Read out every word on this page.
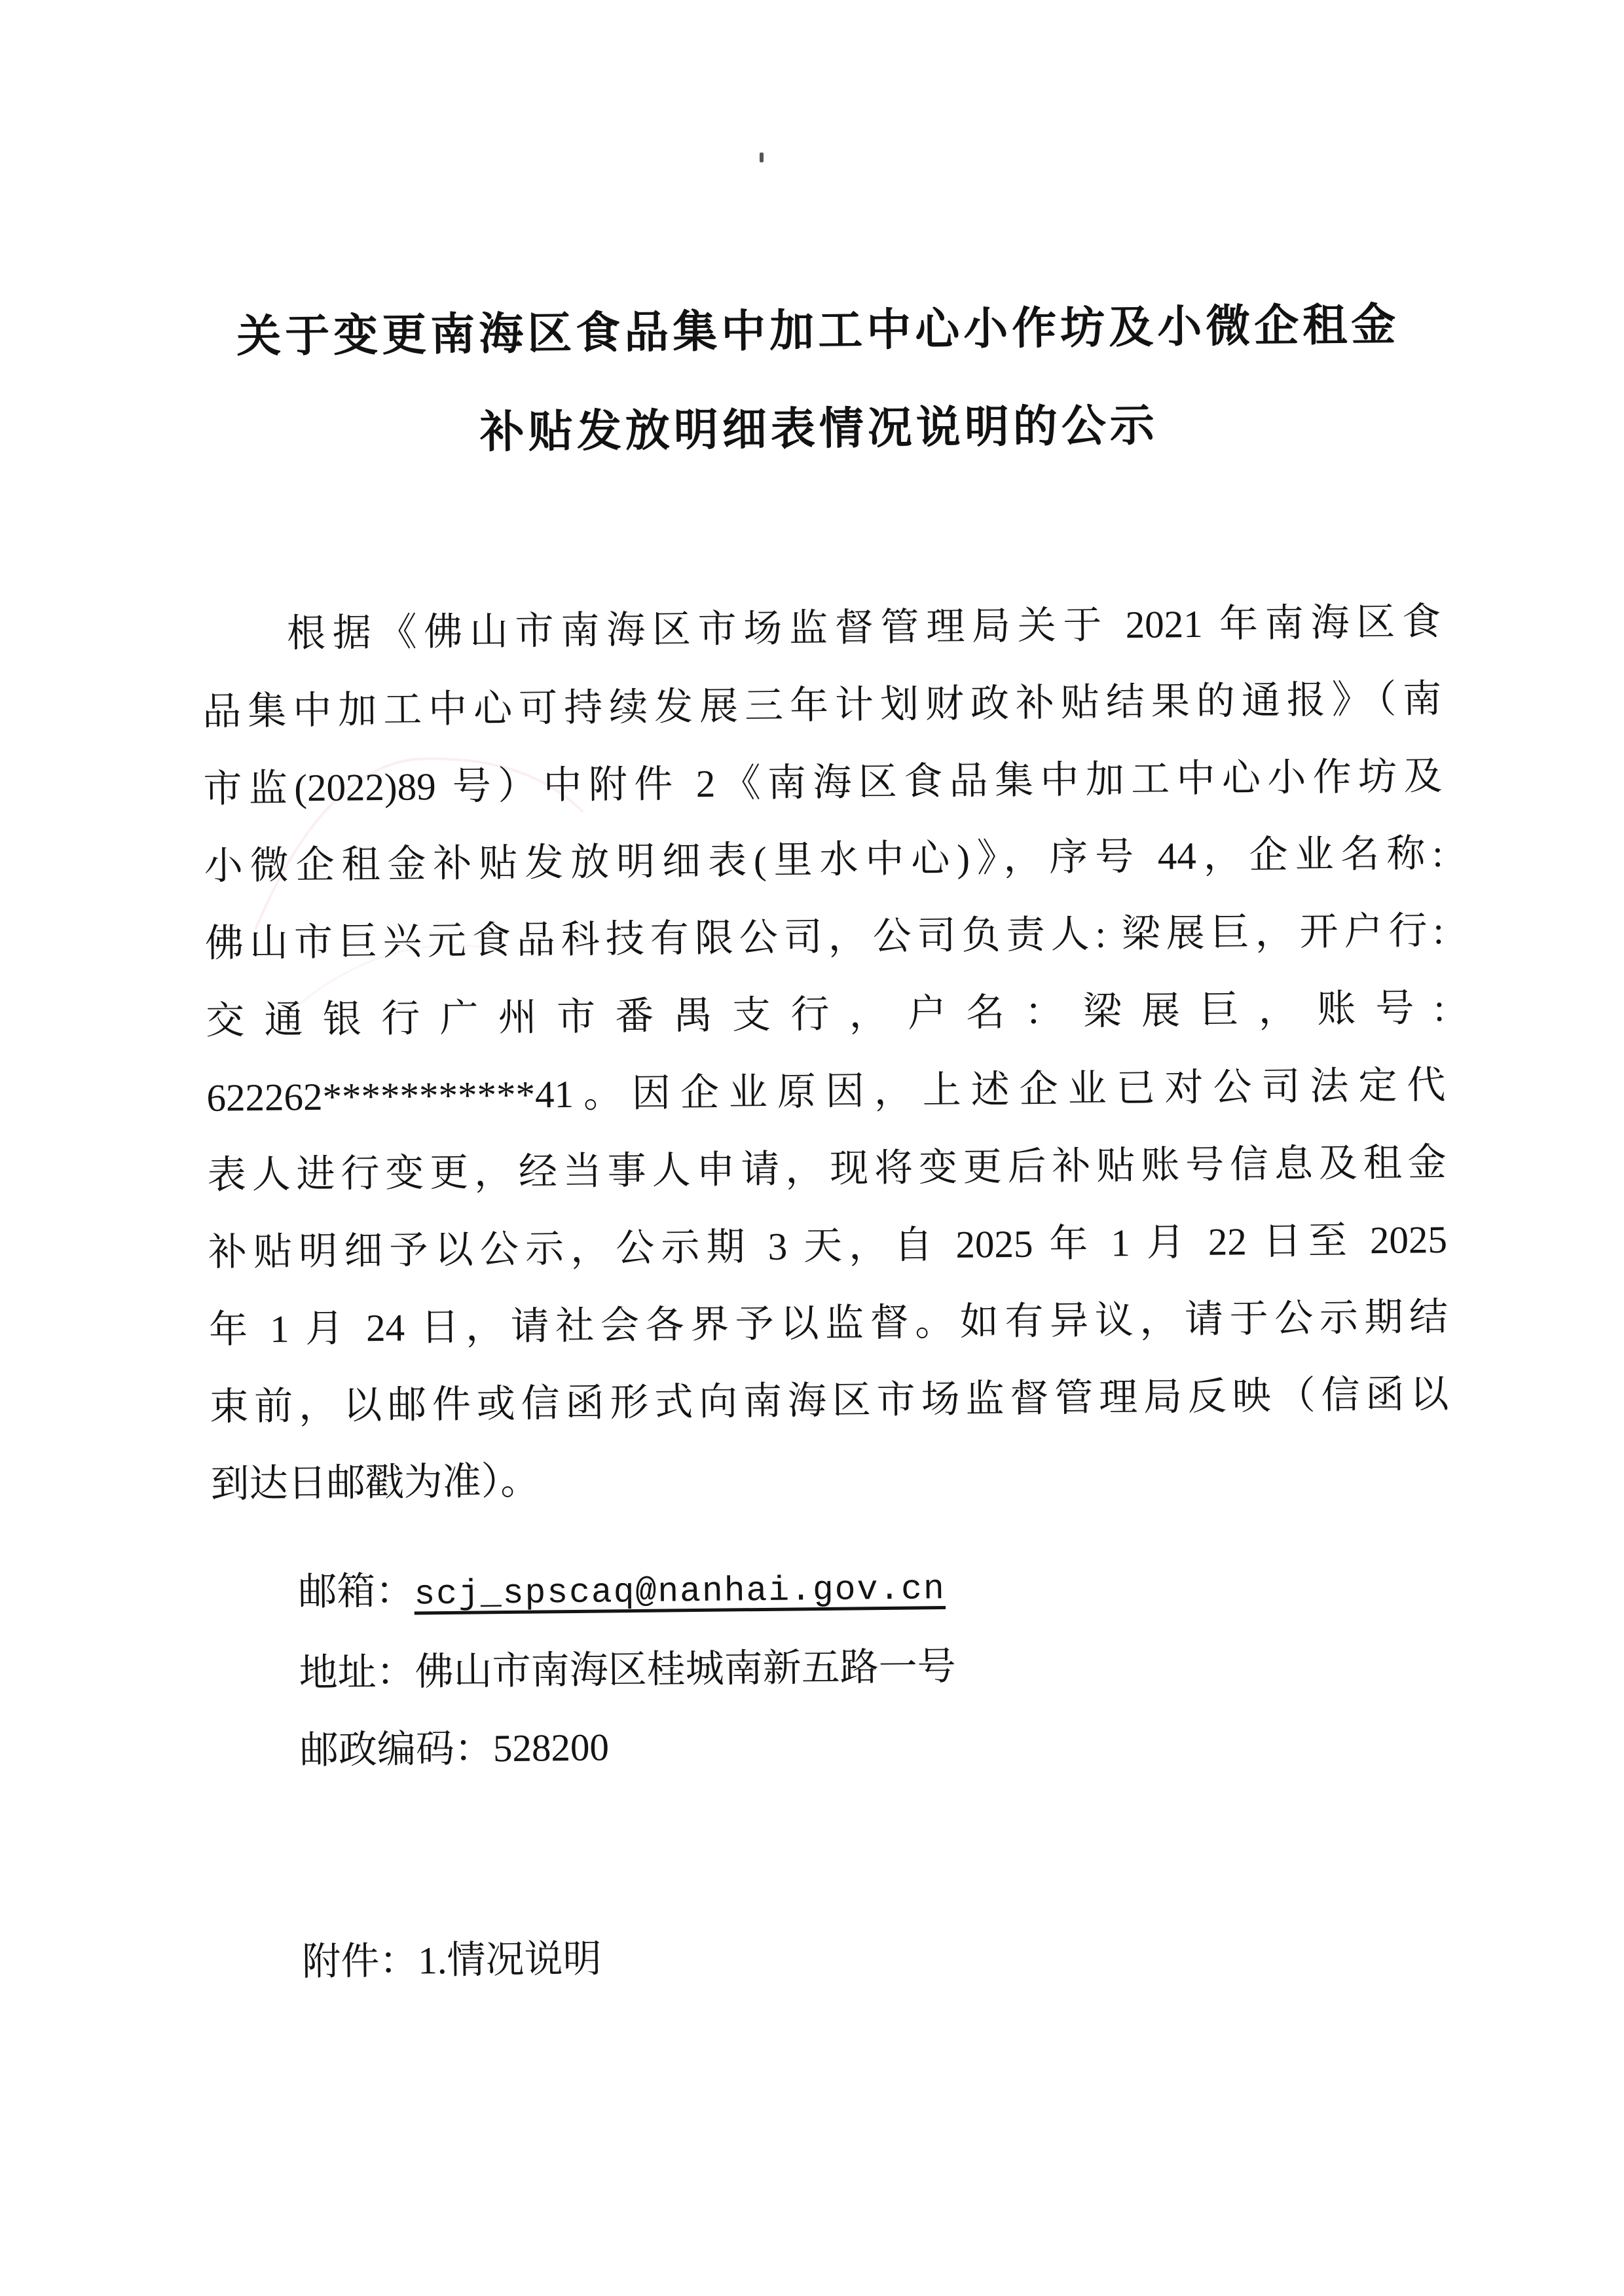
关于变更南海区食品集中加工中心小作坊及小微企租金
补贴发放明细表情况说明的公示
根据《佛山市南海区市场监督管理局关于 2021 年南海区食
品集中加工中心可持续发展三年计划财政补贴结果的通报》（南
市监(2022)89 号）中附件 2《南海区食品集中加工中心小作坊及
小微企租金补贴发放明细表(里水中心)》，序号 44，企业名称:
佛山市巨兴元食品科技有限公司，公司负责人: 梁展巨，开户行:
交通银行广州市番禺支行，户名：梁展巨，账号:
622262***********41。因企业原因，上述企业已对公司法定代
表人进行变更，经当事人申请，现将变更后补贴账号信息及租金
补贴明细予以公示，公示期 3 天，自 2025 年 1 月 22 日至 2025
年 1 月 24 日，请社会各界予以监督。如有异议，请于公示期结
束前，以邮件或信函形式向南海区市场监督管理局反映（信函以
到达日邮戳为准）。
邮箱：scj_spscaq@nanhai.gov.cn
地址：佛山市南海区桂城南新五路一号
邮政编码：528200
附件：1.情况说明
